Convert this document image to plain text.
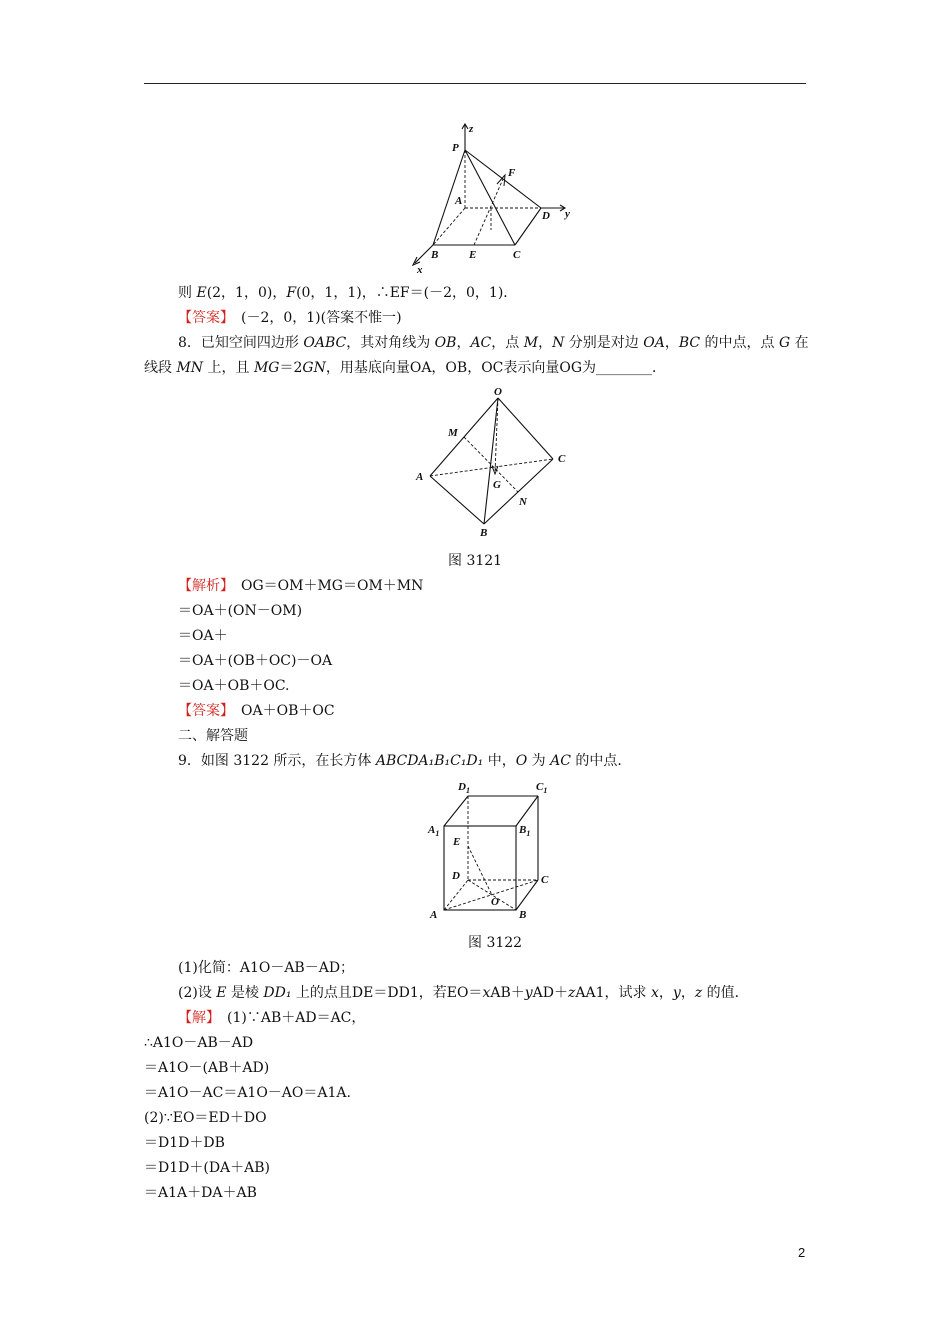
z
P
F
A
D y
B	E	C
x
则 E(2，1，0)，F(0，1，1)，∴EF＝(－2，0，1)．
【答案】　(－2，0，1)(答案不惟一)
8．已知空间四边形 OABC，其对角线为 OB，AC，点 M，N 分别是对边 OA，BC 的中点，点 G 在
线段 MN 上，且 MG＝2GN，用基底向量OA，OB，OC表示向量OG为________．
O
M
C
A
G
N
B
图 3121
【解析】　OG＝OM＋MG＝OM＋MN
＝OA＋(ON－OM)
＝OA＋
＝OA＋(OB＋OC)－OA
＝OA＋OB＋OC.
【答案】　OA＋OB＋OC
二、解答题
9．如图 3122 所示，在长方体 ABCDA₁B₁C₁D₁ 中，O 为 AC 的中点．
$D_1$	$C_1$
$A_1$	$B_1$
E
D	C
O
A	B
图 3122
(1)化简：A1O－AB－AD；
(2)设 E 是棱 DD₁ 上的点且DE＝DD1，若EO＝xAB＋yAD＋zAA1，试求 x，y，z 的值．
【解】　(1)∵AB＋AD＝AC，
∴A1O－AB－AD
＝A1O－(AB＋AD)
＝A1O－AC＝A1O－AO＝A1A.
(2)∵EO＝ED＋DO
＝D1D＋DB
＝D1D＋(DA＋AB)
＝A1A＋DA＋AB
2
